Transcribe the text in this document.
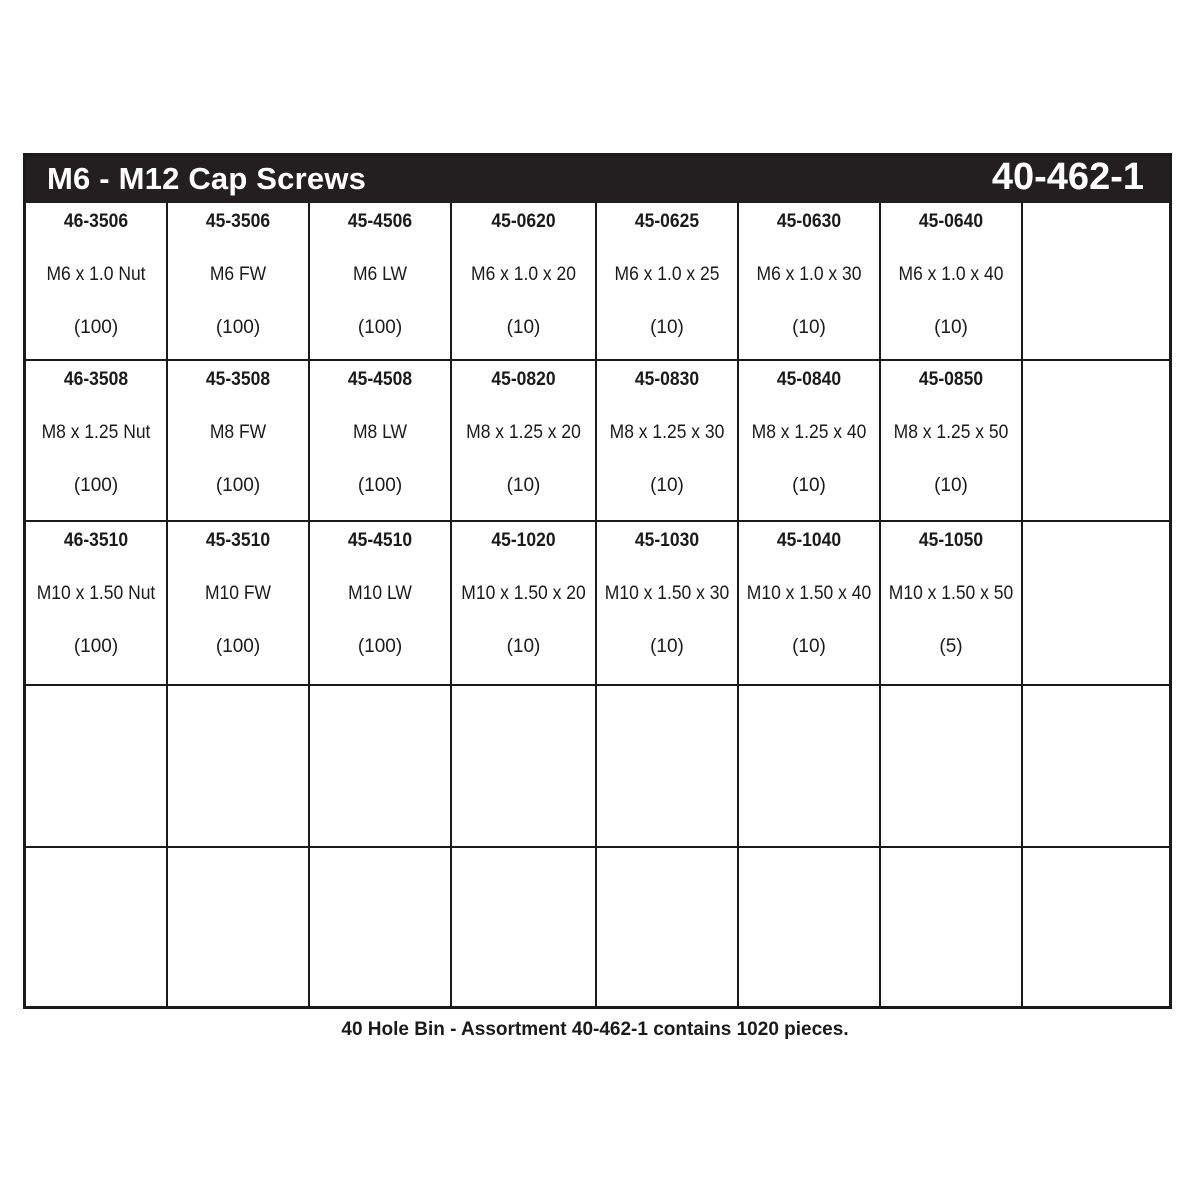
M6 - M12 Cap Screws	40-462-1
46-3506
M6 x 1.0 Nut
(100)
45-3506
M6 FW
(100)
45-4506
M6 LW
(100)
45-0620
M6 x 1.0 x 20
(10)
45-0625
M6 x 1.0 x 25
(10)
45-0630
M6 x 1.0 x 30
(10)
45-0640
M6 x 1.0 x 40
(10)
46-3508
M8 x 1.25 Nut
(100)
45-3508
M8 FW
(100)
45-4508
M8 LW
(100)
45-0820
M8 x 1.25 x 20
(10)
45-0830
M8 x 1.25 x 30
(10)
45-0840
M8 x 1.25 x 40
(10)
45-0850
M8 x 1.25 x 50
(10)
46-3510
M10 x 1.50 Nut
(100)
45-3510
M10 FW
(100)
45-4510
M10 LW
(100)
45-1020
M10 x 1.50 x 20
(10)
45-1030
M10 x 1.50 x 30
(10)
45-1040
M10 x 1.50 x 40
(10)
45-1050
M10 x 1.50 x 50
(5)
40 Hole Bin - Assortment 40-462-1 contains 1020 pieces.
